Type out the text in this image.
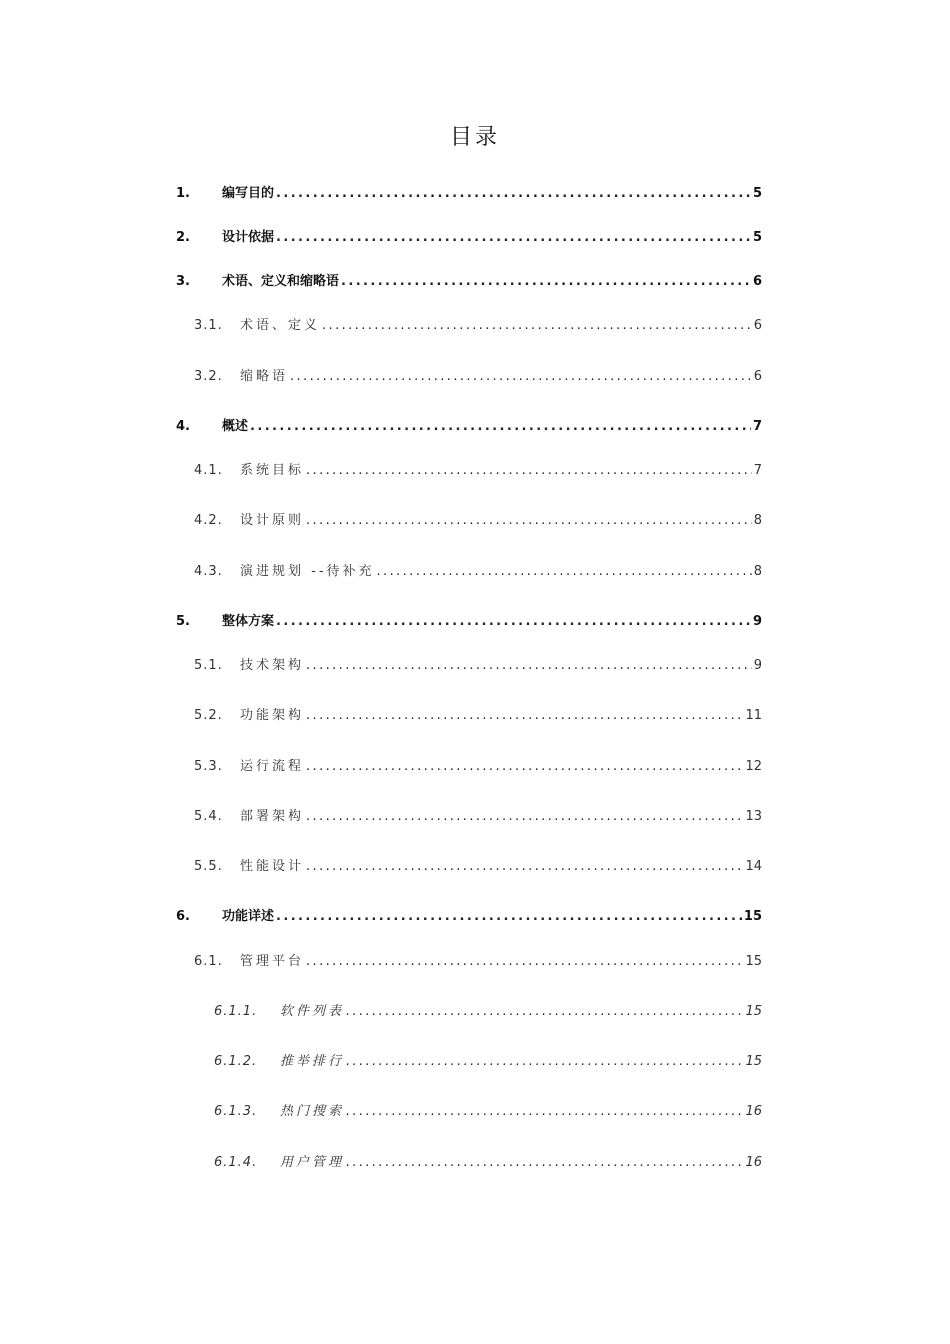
目录
1.	编写目的 .....	5
2.	设计依据 .....	5
3.	术语、定义和缩略语 .....	6
3.1.	术语、定义 .....	6
3.2.	缩略语 .....	6
4.	概述 .....	7
4.1.	系统目标 .....	7
4.2.	设计原则 .....	8
4.3.	演进规划 --待补充 .....	8
5.	整体方案 .....	9
5.1.	技术架构 .....	9
5.2.	功能架构 .....	11
5.3.	运行流程 .....	12
5.4.	部署架构 .....	13
5.5.	性能设计 .....	14
6.	功能详述 .....	15
6.1.	管理平台 .....	15
6.1.1.	软件列表 .....	15
6.1.2.	推举排行 .....	15
6.1.3.	热门搜索 .....	16
6.1.4.	用户管理 .....	16
